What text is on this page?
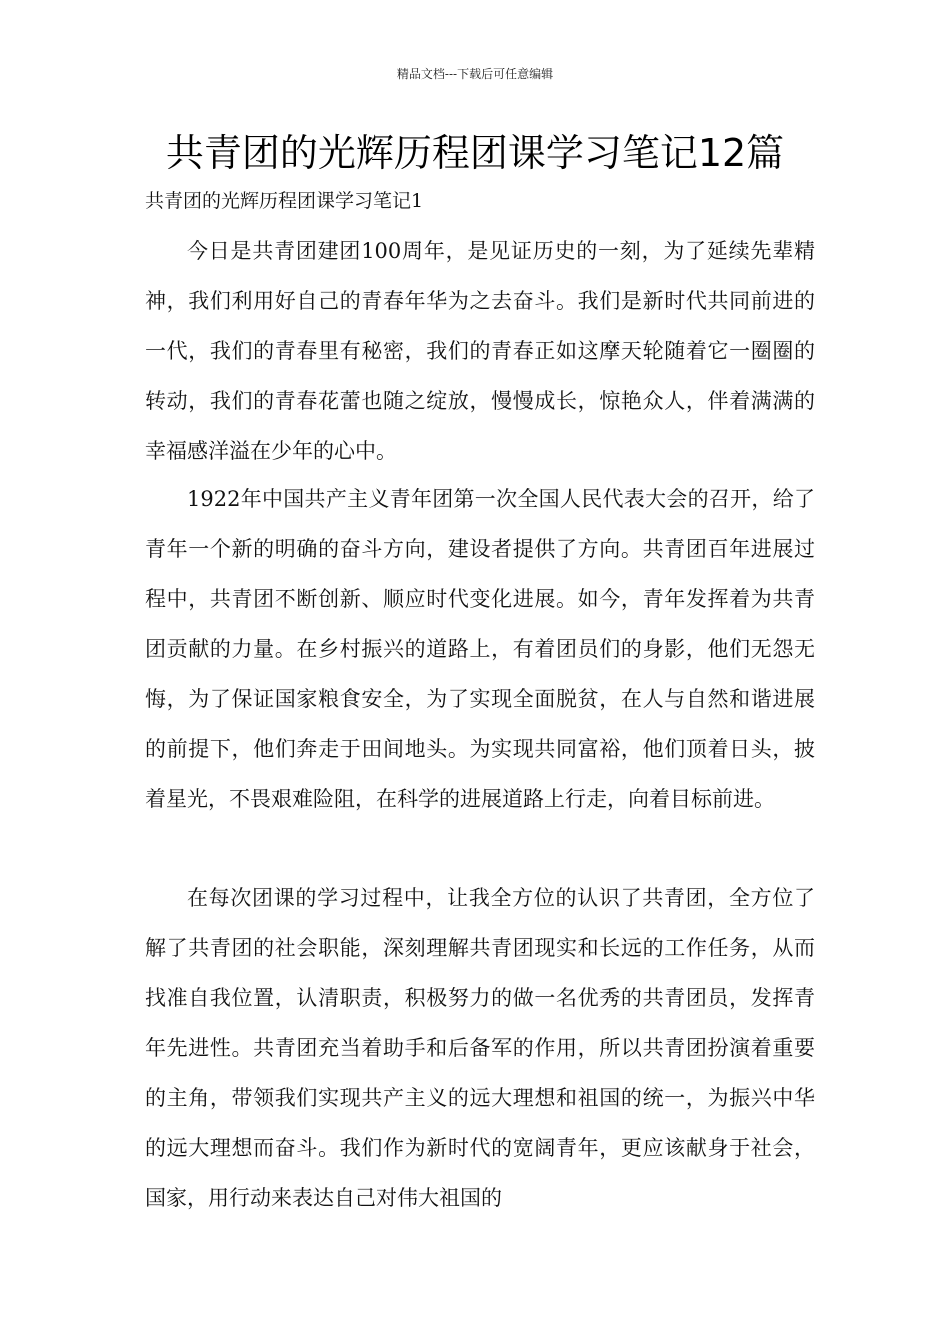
精品文档---下载后可任意编辑
共青团的光辉历程团课学习笔记12篇

共青团的光辉历程团课学习笔记1

今日是共青团建团100周年，是见证历史的一刻，为了延续先辈精神，我们利用好自己的青春年华为之去奋斗。我们是新时代共同前进的一代，我们的青春里有秘密，我们的青春正如这摩天轮随着它一圈圈的转动，我们的青春花蕾也随之绽放，慢慢成长，惊艳众人，伴着满满的幸福感洋溢在少年的心中。

1922年中国共产主义青年团第一次全国人民代表大会的召开，给了青年一个新的明确的奋斗方向，建设者提供了方向。共青团百年进展过程中，共青团不断创新、顺应时代变化进展。如今，青年发挥着为共青团贡献的力量。在乡村振兴的道路上，有着团员们的身影，他们无怨无悔，为了保证国家粮食安全，为了实现全面脱贫，在人与自然和谐进展的前提下，他们奔走于田间地头。为实现共同富裕，他们顶着日头，披着星光，不畏艰难险阻，在科学的进展道路上行走，向着目标前进。

在每次团课的学习过程中，让我全方位的认识了共青团，全方位了解了共青团的社会职能，深刻理解共青团现实和长远的工作任务，从而找准自我位置，认清职责，积极努力的做一名优秀的共青团员，发挥青年先进性。共青团充当着助手和后备军的作用，所以共青团扮演着重要的主角，带领我们实现共产主义的远大理想和祖国的统一，为振兴中华的远大理想而奋斗。我们作为新时代的宽阔青年，更应该献身于社会，国家，用行动来表达自己对伟大祖国的
